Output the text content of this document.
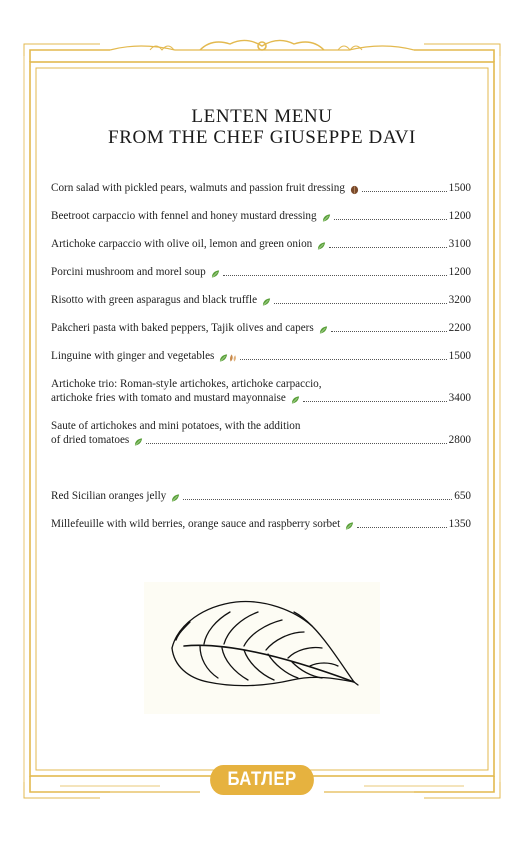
LENTEN MENU
FROM THE CHEF GIUSEPPE DAVI
Corn salad with pickled pears, walmuts and passion fruit dressing	1500
Beetroot carpaccio with fennel and honey mustard dressing	1200
Artichoke carpaccio with olive oil, lemon and green onion	3100
Porcini mushroom and morel soup	1200
Risotto with green asparagus and black truffle	3200
Pakcheri pasta with baked peppers, Tajik olives and capers	2200
Linguine with ginger and vegetables	1500
Artichoke trio: Roman-style artichokes, artichoke carpaccio,
artichoke fries with tomato and mustard mayonnaise	3400
Saute of artichokes and mini potatoes, with the addition
of dried tomatoes	2800
Red Sicilian oranges jelly	650
Millefeuille with wild berries, orange sauce and raspberry sorbet	1350
БАТЛЕР
